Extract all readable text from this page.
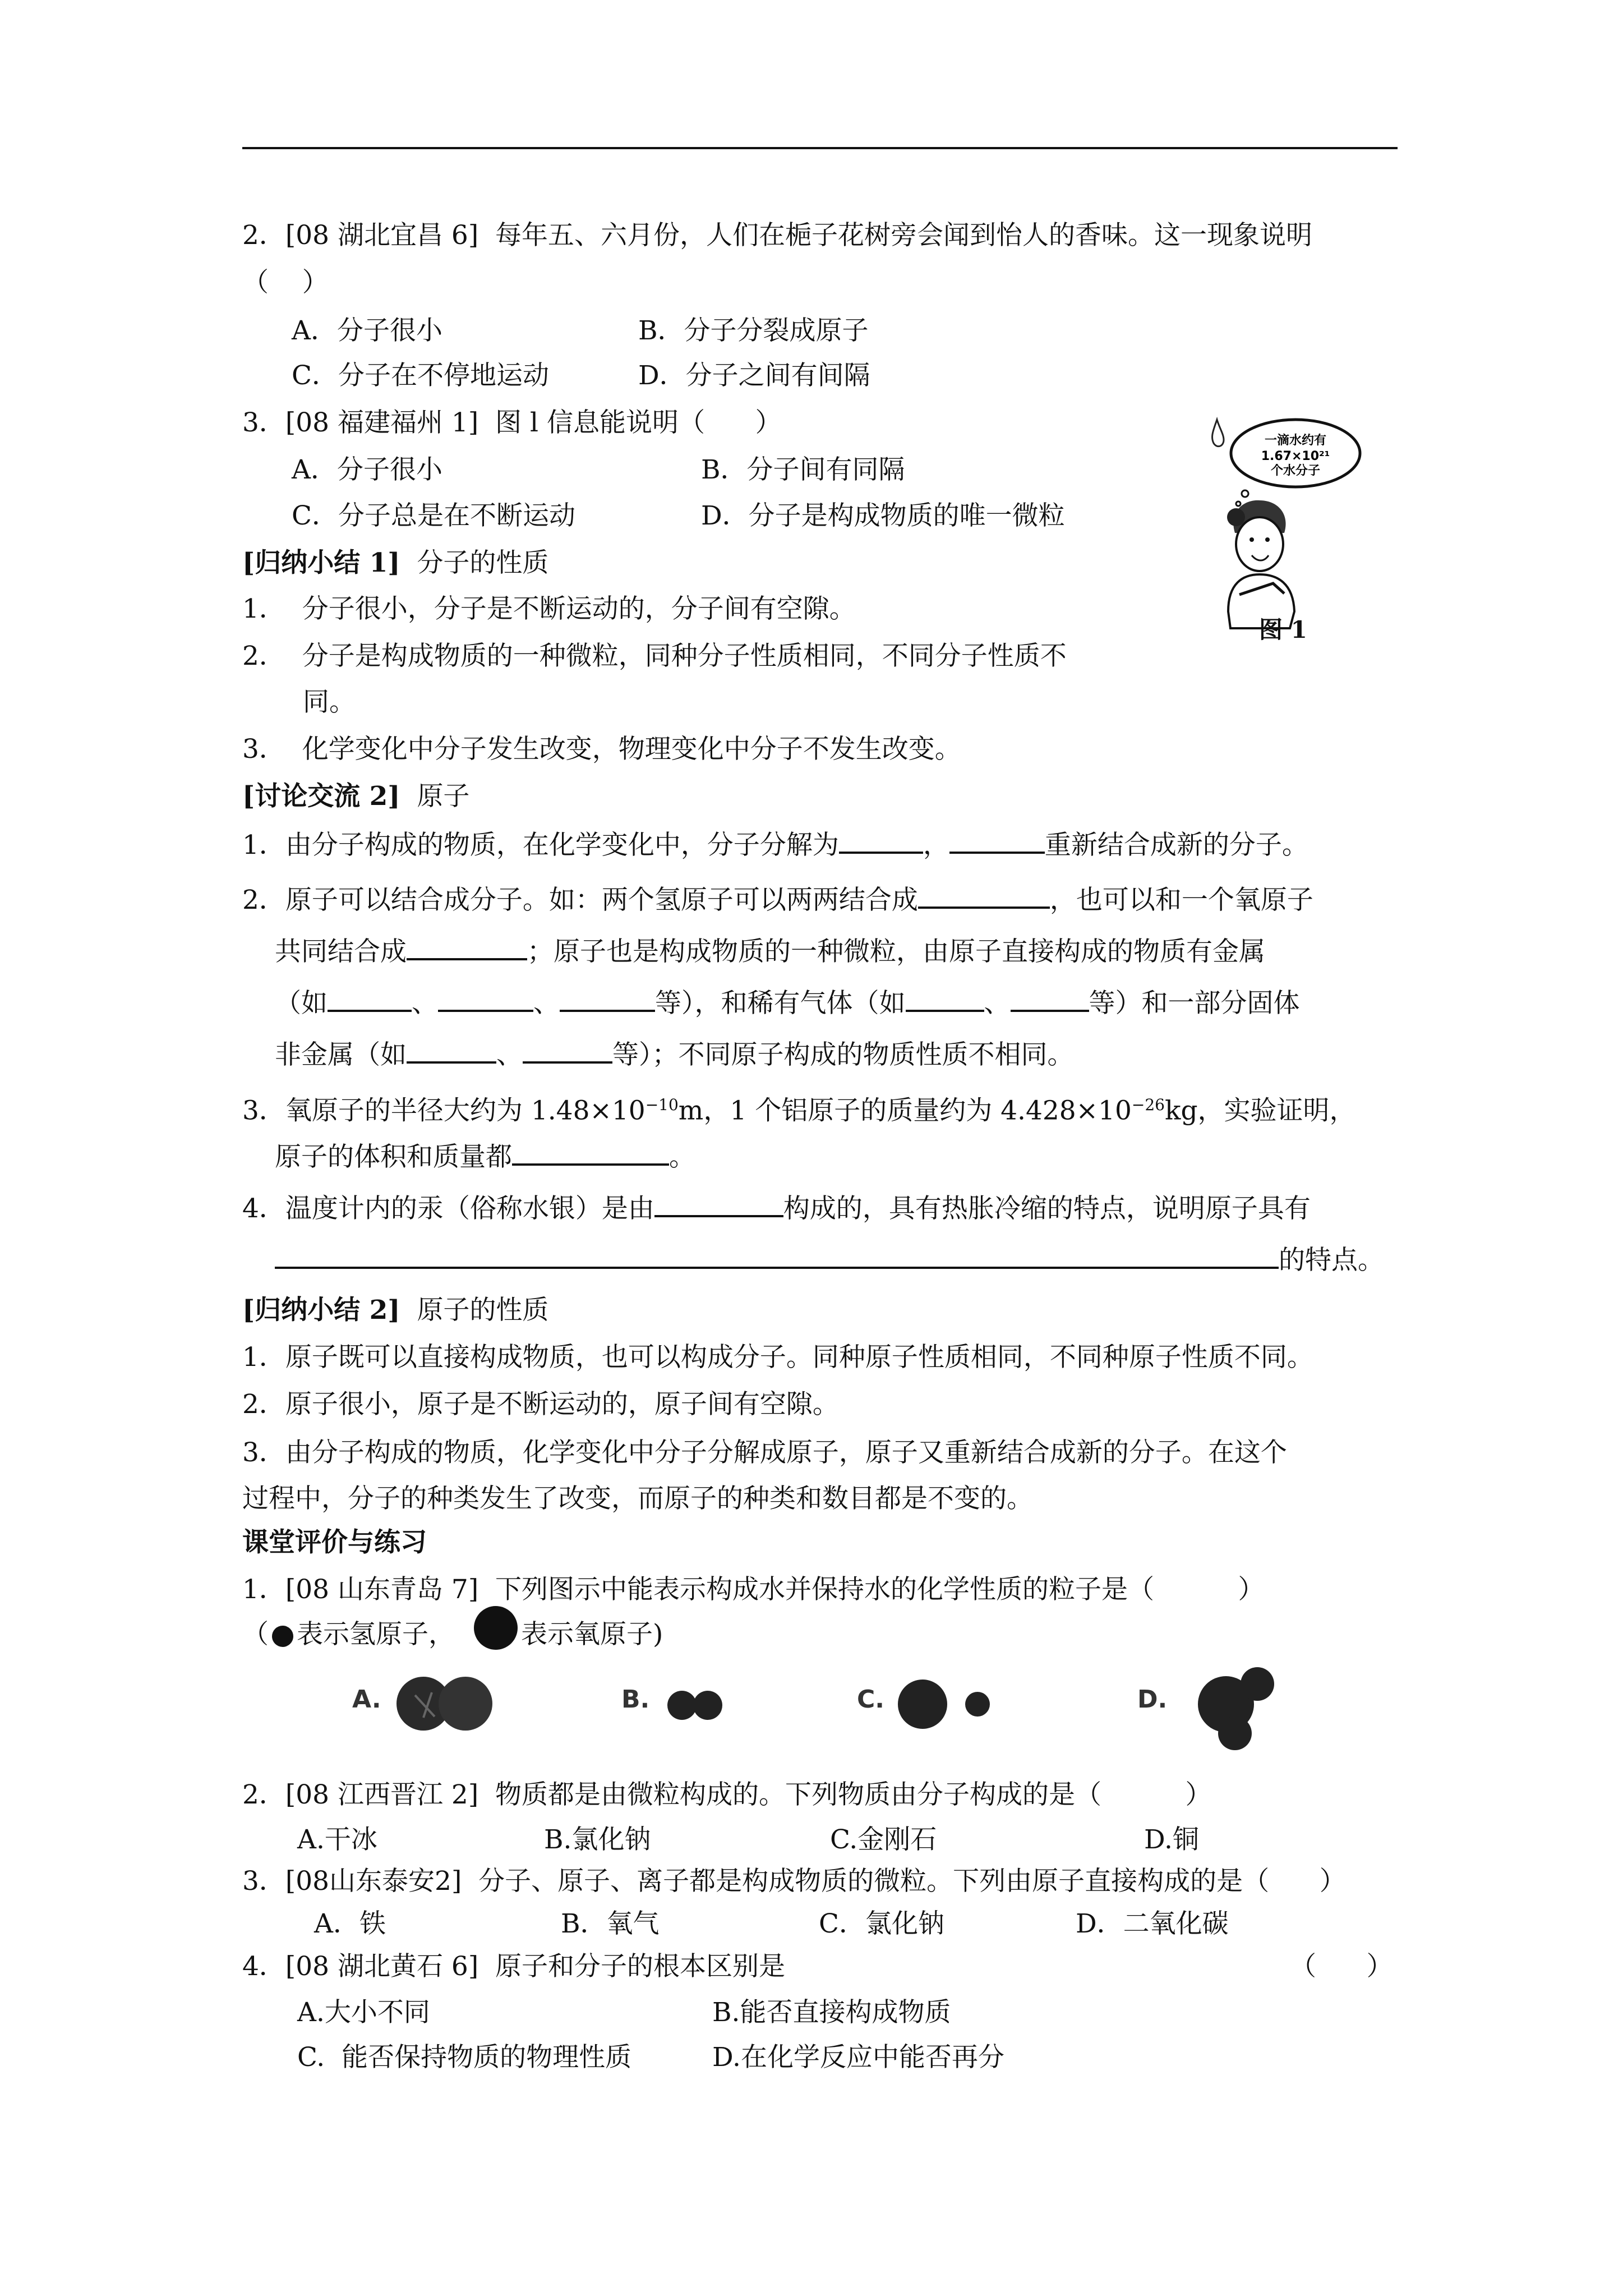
2．[08 湖北宜昌 6]  每年五、六月份，人们在梔子花树旁会闻到怡人的香味。这一现象说明
（    ）
A．分子很小	B．分子分裂成原子
C．分子在不停地运动	D．分子之间有间隔
3．[08 福建福州 1]  图 l 信息能说明（      ）
A．分子很小	B．分子间有同隔
C．分子总是在不断运动	D．分子是构成物质的唯一微粒
一滴水约有
1.67×10²¹
个水分子
图 1
[归纳小结 1] 分子的性质
1．  分子很小，分子是不断运动的，分子间有空隙。
2．  分子是构成物质的一种微粒，同种分子性质相同，不同分子性质不
同。
3．  化学变化中分子发生改变，物理变化中分子不发生改变。
[讨论交流 2] 原子
1．由分子构成的物质，在化学变化中，分子分解为	，	重新结合成新的分子。
2．原子可以结合成分子。如：两个氢原子可以两两结合成	，也可以和一个氧原子
共同结合成	；原子也是构成物质的一种微粒，由原子直接构成的物质有金属
（如	、	、	等），和稀有气体（如	、	等）和一部分固体
非金属（如	、	等）；不同原子构成的物质性质不相同。
3．氧原子的半径大约为 $1.48\times 10^{-10}m$，1 个铝原子的质量约为 $4.428\times 10^{-26}kg$，实验证明，
原子的体积和质量都	。
4．温度计内的汞（俗称水银）是由	构成的，具有热胀冷缩的特点，说明原子具有
的特点。
[归纳小结 2] 原子的性质
1．原子既可以直接构成物质，也可以构成分子。同种原子性质相同，不同种原子性质不同。
2．原子很小，原子是不断运动的，原子间有空隙。
3．由分子构成的物质，化学变化中分子分解成原子，原子又重新结合成新的分子。在这个
过程中，分子的种类发生了改变，而原子的种类和数目都是不变的。
课堂评价与练习
1．[08 山东青岛 7]  下列图示中能表示构成水并保持水的化学性质的粒子是（          ）
（ 表示氢原子，	表示氧原子)
A.	B.	C.	D.
2．[08 江西晋江 2]  物质都是由微粒构成的。下列物质由分子构成的是（          ）
A.干冰	B.氯化钠	C.金刚石	D.铜
3．[08山东泰安2]  分子、原子、离子都是构成物质的微粒。下列由原子直接构成的是（      ）
A．铁	B．氧气	C．氯化钠	D．二氧化碳
4．[08 湖北黄石 6]  原子和分子的根本区别是	（      ）
A.大小不同	B.能否直接构成物质
C.  能否保持物质的物理性质	D.在化学反应中能否再分
